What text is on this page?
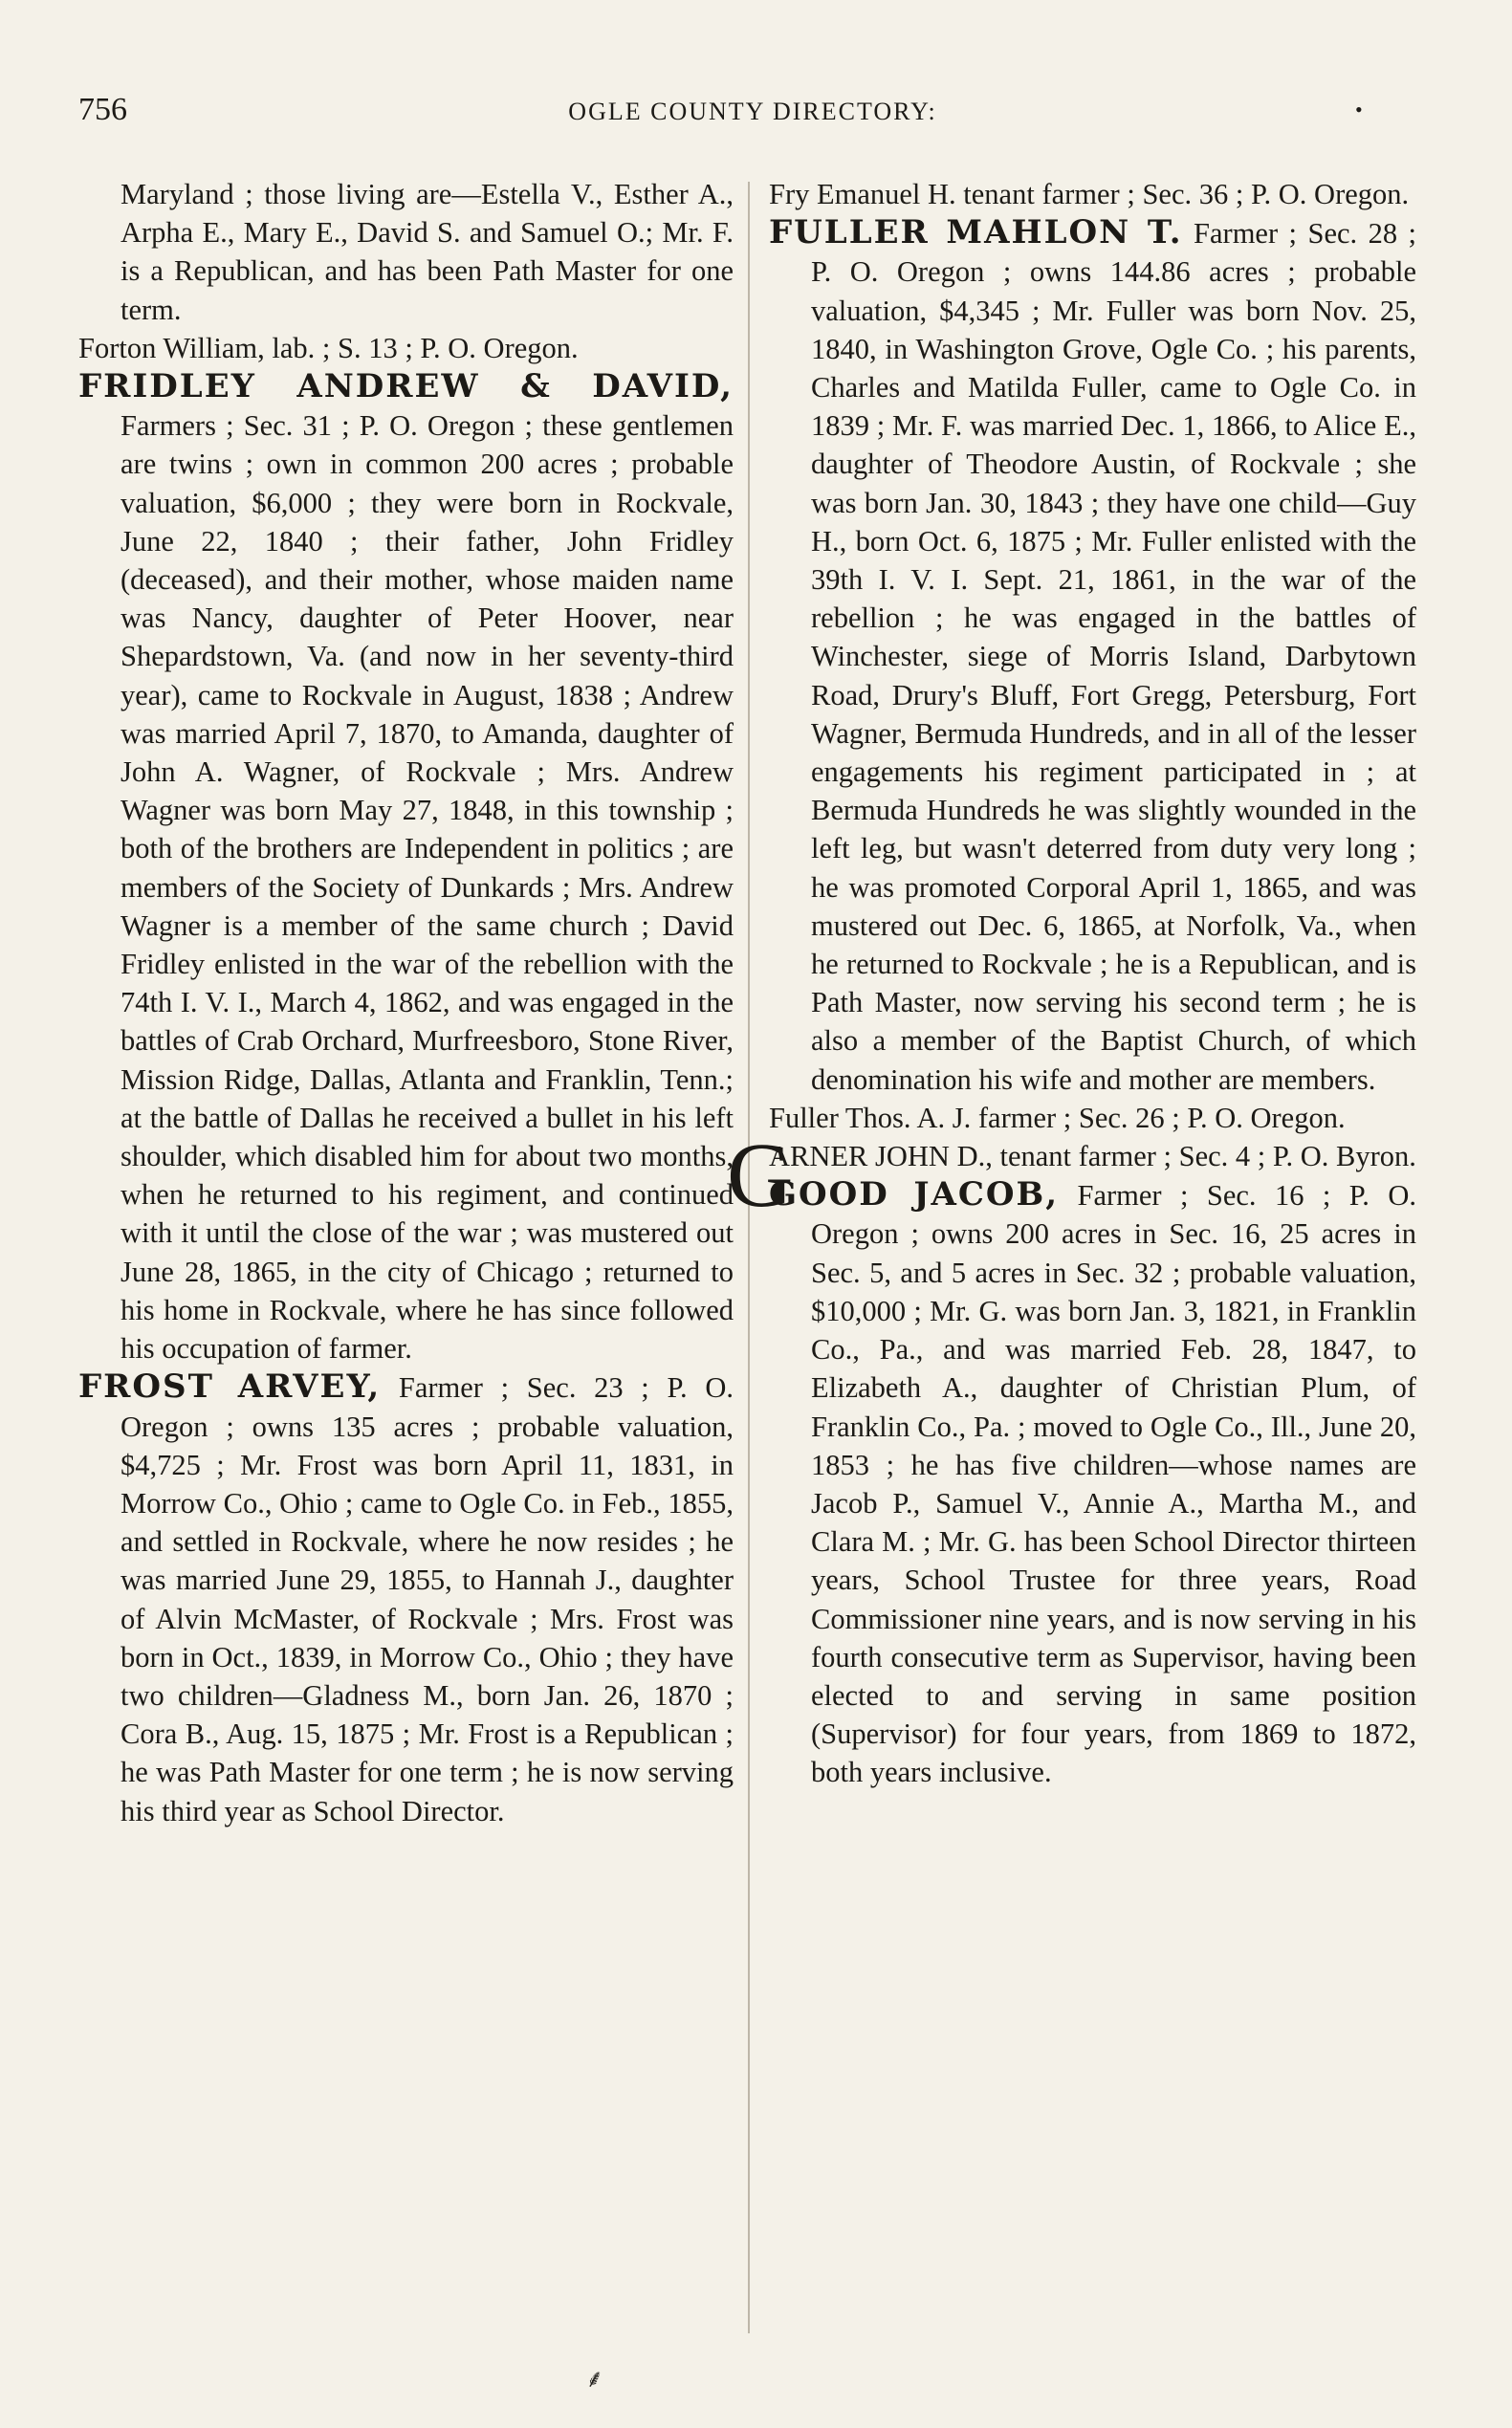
756	OGLE COUNTY DIRECTORY:	•

Maryland ; those living are—Estella V., Esther A., Arpha E., Mary E., David S. and Samuel O.; Mr. F. is a Republican, and has been Path Master for one term.

Forton William, lab. ; S. 13 ; P. O. Oregon.

FRIDLEY ANDREW & DAVID, Farmers ; Sec. 31 ; P. O. Oregon ; these gentlemen are twins ; own in common 200 acres ; probable valuation, $6,000 ; they were born in Rockvale, June 22, 1840 ; their father, John Fridley (deceased), and their mother, whose maiden name was Nancy, daughter of Peter Hoover, near Shepardstown, Va. (and now in her seventy-third year), came to Rockvale in August, 1838 ; Andrew was married April 7, 1870, to Amanda, daughter of John A. Wagner, of Rockvale ; Mrs. Andrew Wagner was born May 27, 1848, in this township ; both of the brothers are Independent in politics ; are members of the Society of Dunkards ; Mrs. Andrew Wagner is a member of the same church ; David Fridley enlisted in the war of the rebellion with the 74th I. V. I., March 4, 1862, and was engaged in the battles of Crab Orchard, Murfreesboro, Stone River, Mission Ridge, Dallas, Atlanta and Franklin, Tenn.; at the battle of Dallas he received a bullet in his left shoulder, which disabled him for about two months, when he returned to his regiment, and continued with it until the close of the war ; was mustered out June 28, 1865, in the city of Chicago ; returned to his home in Rockvale, where he has since followed his occupation of farmer.

FROST ARVEY, Farmer ; Sec. 23 ; P. O. Oregon ; owns 135 acres ; probable valuation, $4,725 ; Mr. Frost was born April 11, 1831, in Morrow Co., Ohio ; came to Ogle Co. in Feb., 1855, and settled in Rockvale, where he now resides ; he was married June 29, 1855, to Hannah J., daughter of Alvin McMaster, of Rockvale ; Mrs. Frost was born in Oct., 1839, in Morrow Co., Ohio ; they have two children—Gladness M., born Jan. 26, 1870 ; Cora B., Aug. 15, 1875 ; Mr. Frost is a Republican ; he was Path Master for one term ; he is now serving his third year as School Director.

Fry Emanuel H. tenant farmer ; Sec. 36 ; P. O. Oregon.

FULLER MAHLON T. Farmer ; Sec. 28 ; P. O. Oregon ; owns 144.86 acres ; probable valuation, $4,345 ; Mr. Fuller was born Nov. 25, 1840, in Washington Grove, Ogle Co. ; his parents, Charles and Matilda Fuller, came to Ogle Co. in 1839 ; Mr. F. was married Dec. 1, 1866, to Alice E., daughter of Theodore Austin, of Rockvale ; she was born Jan. 30, 1843 ; they have one child—Guy H., born Oct. 6, 1875 ; Mr. Fuller enlisted with the 39th I. V. I. Sept. 21, 1861, in the war of the rebellion ; he was engaged in the battles of Winchester, siege of Morris Island, Darbytown Road, Drury's Bluff, Fort Gregg, Petersburg, Fort Wagner, Bermuda Hundreds, and in all of the lesser engagements his regiment participated in ; at Bermuda Hundreds he was slightly wounded in the left leg, but wasn't deterred from duty very long ; he was promoted Corporal April 1, 1865, and was mustered out Dec. 6, 1865, at Norfolk, Va., when he returned to Rockvale ; he is a Republican, and is Path Master, now serving his second term ; he is also a member of the Baptist Church, of which denomination his wife and mother are members.

Fuller Thos. A. J. farmer ; Sec. 26 ; P. O. Oregon.

G
ARNER JOHN D., tenant farmer ; Sec. 4 ; P. O. Byron.

GOOD JACOB, Farmer ; Sec. 16 ; P. O. Oregon ; owns 200 acres in Sec. 16, 25 acres in Sec. 5, and 5 acres in Sec. 32 ; probable valuation, $10,000 ; Mr. G. was born Jan. 3, 1821, in Franklin Co., Pa., and was married Feb. 28, 1847, to Elizabeth A., daughter of Christian Plum, of Franklin Co., Pa. ; moved to Ogle Co., Ill., June 20, 1853 ; he has five children—whose names are Jacob P., Samuel V., Annie A., Martha M., and Clara M. ; Mr. G. has been School Director thirteen years, School Trustee for three years, Road Commissioner nine years, and is now serving in his fourth consecutive term as Supervisor, having been elected to and serving in same position (Supervisor) for four years, from 1869 to 1872, both years inclusive.

⸙
